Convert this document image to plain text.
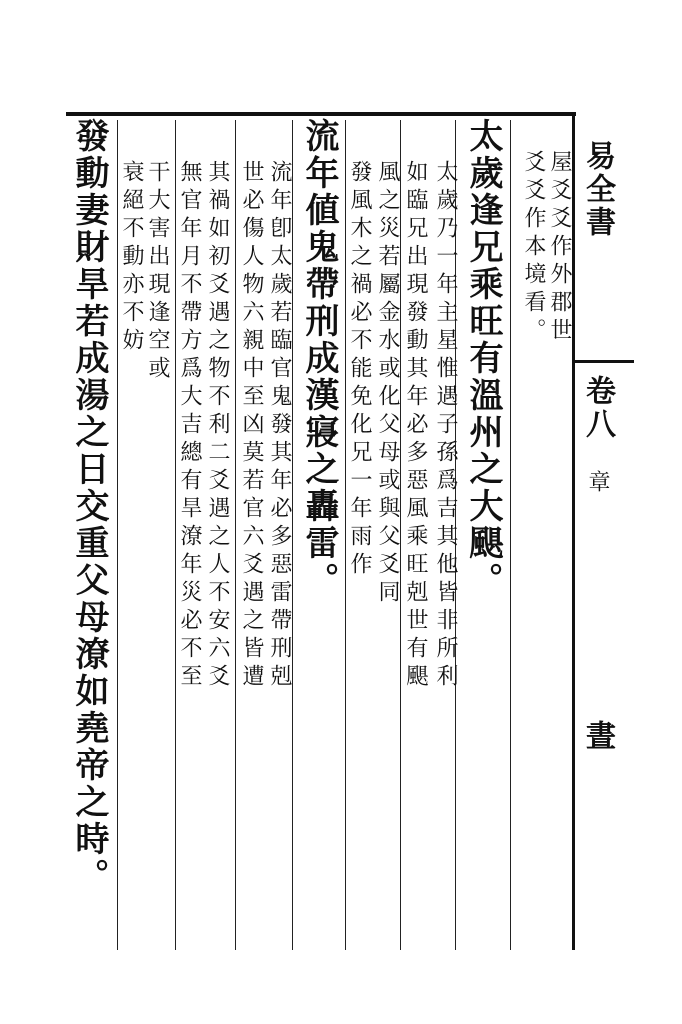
易全書
卷八
章
晝
爻爻作本境看。 屋爻爻作外郡世
太歲逢兄乘旺有溫州之大颶。
太歲乃一年主星惟遇子孫爲吉其他皆非所利
如臨兄出現發動其年必多惡風乘旺剋世有颶
風之災若屬金水或化父母或與父爻同
發風木之禍必不能免化兄一年雨作
流年値鬼帶刑成漢寢之轟雷。
流年卽太歲若臨官鬼發其年必多惡雷帶刑剋
世必傷人物六親中至凶莫若官六爻遇之皆遭
其禍如初爻遇之物不利二爻遇之人不安六爻
無官年月不帶方爲大吉總有旱潦年災必不至
干大害出現逢空或
衰絕不動亦不妨
發動妻財旱若成湯之日交重父母潦如堯帝之時。
